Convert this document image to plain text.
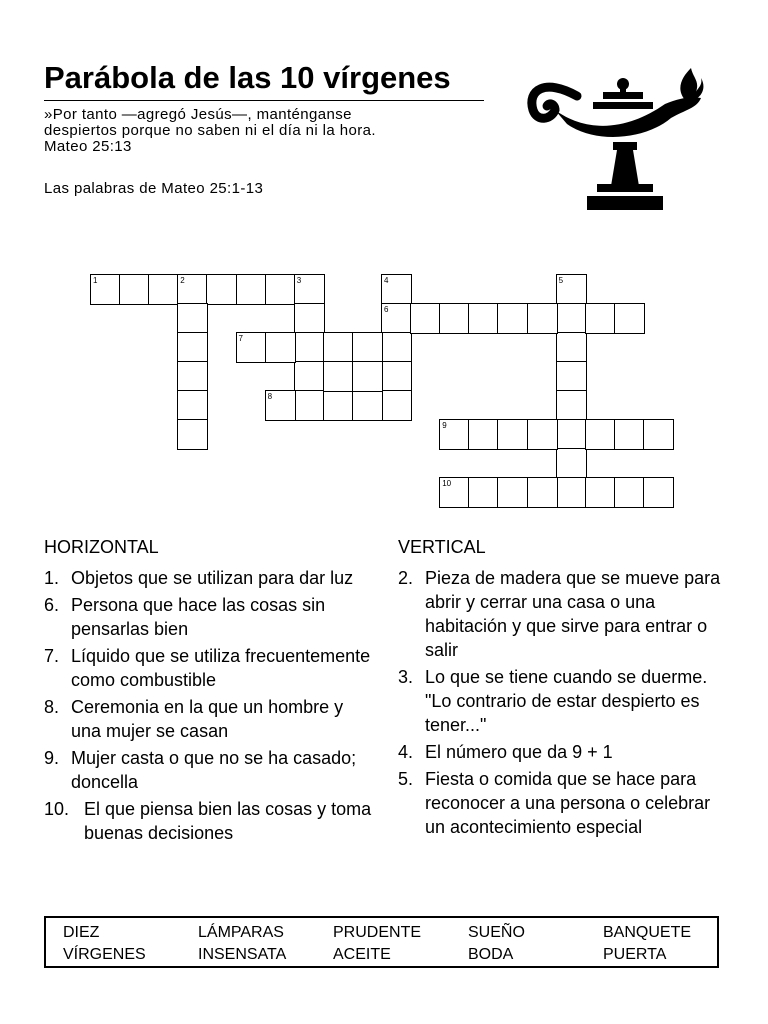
Parábola de las 10 vírgenes
»Por tanto —agregó Jesús—, manténganse
despiertos porque no saben ni el día ni la hora.
Mateo 25:13
Las palabras de Mateo 25:1-13
1	2	3	4
6
5
7
8
9
10
HORIZONTAL	VERTICAL
1. Objetos que se utilizan para dar luz
6. Persona que hace las cosas sin pensarlas bien
7. Líquido que se utiliza frecuentemente como combustible
8. Ceremonia en la que un hombre y una mujer se casan
9. Mujer casta o que no se ha casado; doncella
10. El que piensa bien las cosas y toma buenas decisiones
2. Pieza de madera que se mueve para abrir y cerrar una casa o una habitación y que sirve para entrar o salir
3. Lo que se tiene cuando se duerme. "Lo contrario de estar despierto es tener..."
4. El número que da 9 + 1
5. Fiesta o comida que se hace para reconocer a una persona o celebrar un acontecimiento especial
DIEZ	LÁMPARAS	PRUDENTE	SUEÑO	BANQUETE
VÍRGENES	INSENSATA	ACEITE	BODA	PUERTA
